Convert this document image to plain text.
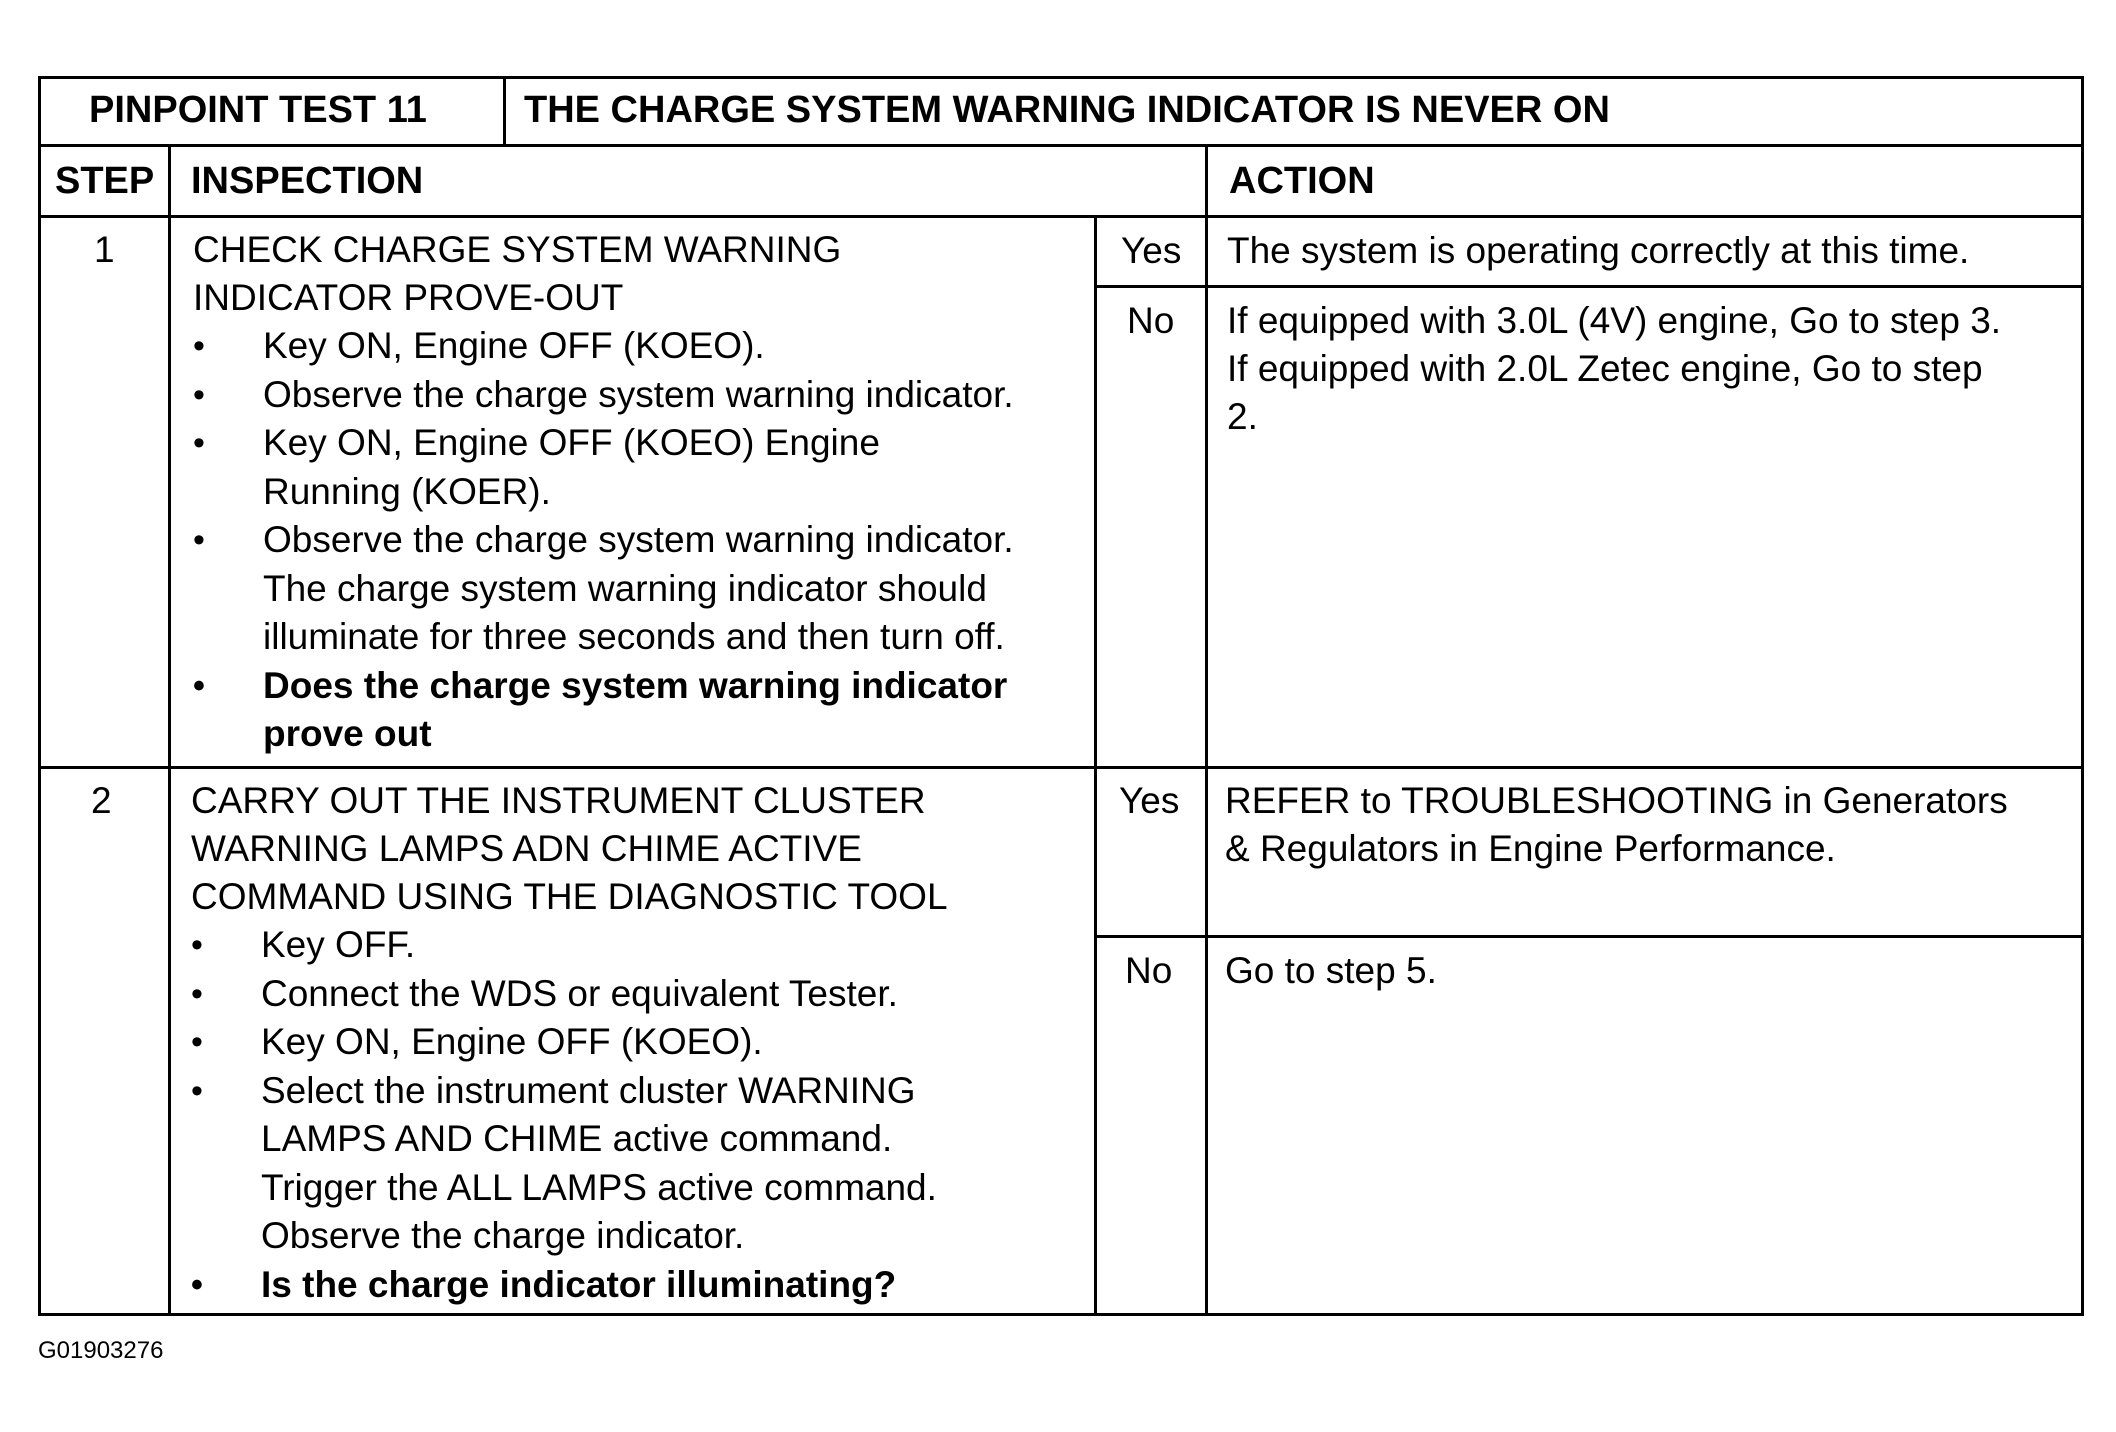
PINPOINT TEST 11	THE CHARGE SYSTEM WARNING INDICATOR IS NEVER ON
STEP INSPECTION	ACTION
1 CHECK CHARGE SYSTEM WARNING
INDICATOR PROVE-OUT
• Key ON, Engine OFF (KOEO).
• Observe the charge system warning indicator.
• Key ON, Engine OFF (KOEO) Engine
Running (KOER).
• Observe the charge system warning indicator.
The charge system warning indicator should
illuminate for three seconds and then turn off.
• Does the charge system warning indicator
prove out
Yes The system is operating correctly at this time.
No If equipped with 3.0L (4V) engine, Go to step 3.
If equipped with 2.0L Zetec engine, Go to step
2.
2 CARRY OUT THE INSTRUMENT CLUSTER
WARNING LAMPS ADN CHIME ACTIVE
COMMAND USING THE DIAGNOSTIC TOOL
• Key OFF.
• Connect the WDS or equivalent Tester.
• Key ON, Engine OFF (KOEO).
• Select the instrument cluster WARNING
LAMPS AND CHIME active command.
Trigger the ALL LAMPS active command.
Observe the charge indicator.
• Is the charge indicator illuminating?
Yes REFER to TROUBLESHOOTING in Generators
& Regulators in Engine Performance.
No Go to step 5.
G01903276
